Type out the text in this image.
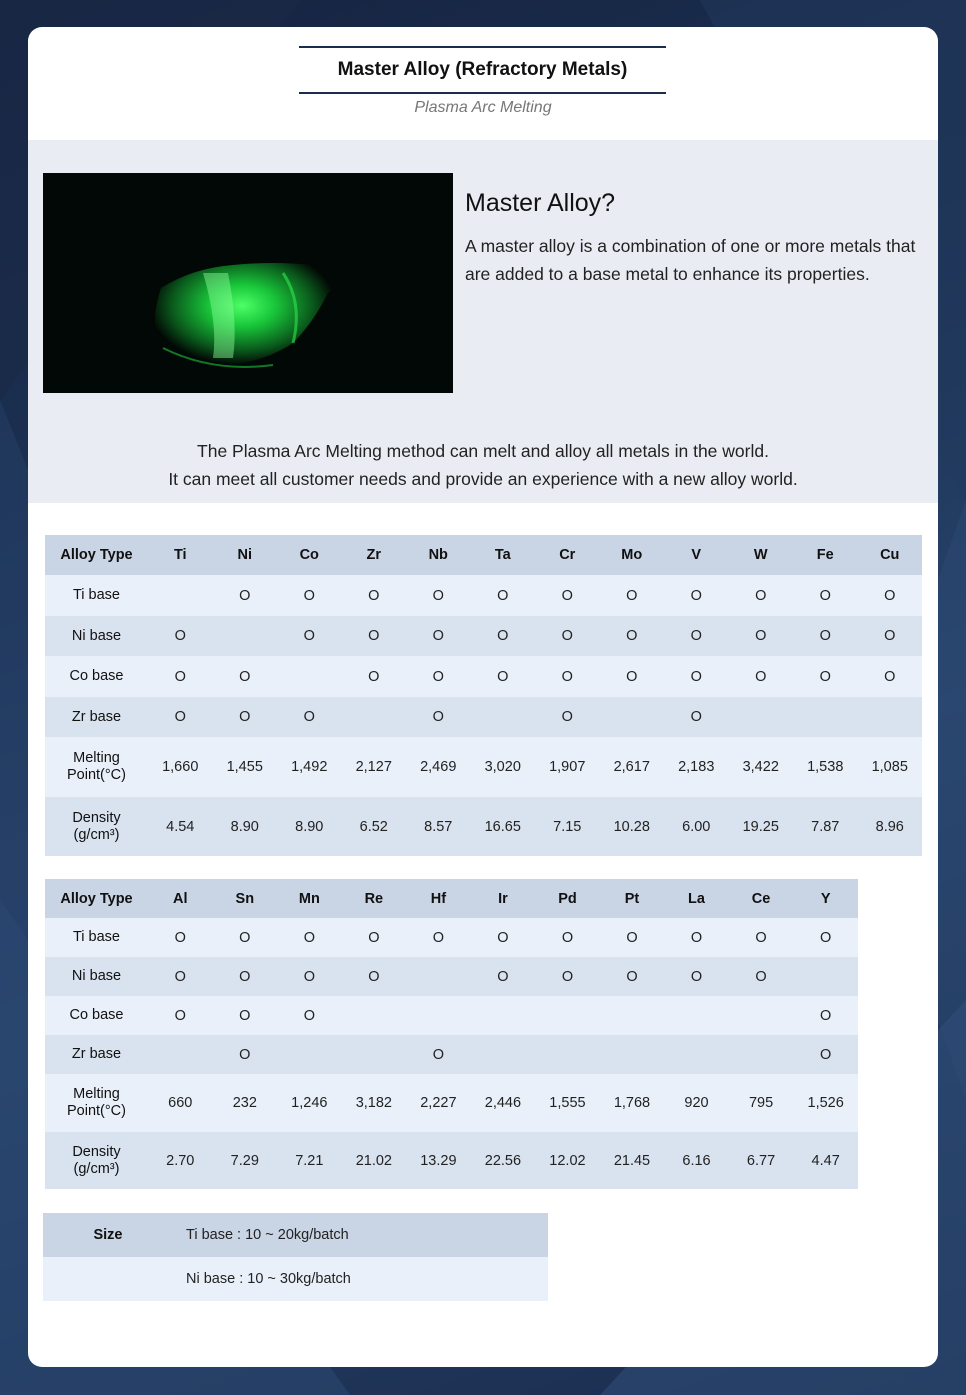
Master Alloy (Refractory Metals)
Plasma Arc Melting
Master Alloy?
A master alloy is a combination of one or more metals that are added to a base metal to enhance its properties.
The Plasma Arc Melting method can melt and alloy all metals in the world.
It can meet all customer needs and provide an experience with a new alloy world.
Alloy Type	Ti	Ni	Co	Zr	Nb	Ta	Cr	Mo	V	W	Fe	Cu
Ti base		O	O	O	O	O	O	O	O	O	O	O
Ni base	O		O	O	O	O	O	O	O	O	O	O
Co base	O	O		O	O	O	O	O	O	O	O	O
Zr base	O	O	O		O		O		O			
Melting
Point(°C)	1,660	1,455	1,492	2,127	2,469	3,020	1,907	2,617	2,183	3,422	1,538	1,085
Density
(g/cm³)	4.54	8.90	8.90	6.52	8.57	16.65	7.15	10.28	6.00	19.25	7.87	8.96
Alloy Type	Al	Sn	Mn	Re	Hf	Ir	Pd	Pt	La	Ce	Y
Ti base	O	O	O	O	O	O	O	O	O	O	O
Ni base	O	O	O	O		O	O	O	O	O	
Co base	O	O	O								O
Zr base		O			O						O
Melting
Point(°C)	660	232	1,246	3,182	2,227	2,446	1,555	1,768	920	795	1,526
Density
(g/cm³)	2.70	7.29	7.21	21.02	13.29	22.56	12.02	21.45	6.16	6.77	4.47
Size	Ti base : 10 ~ 20kg/batch
	Ni base : 10 ~ 30kg/batch
